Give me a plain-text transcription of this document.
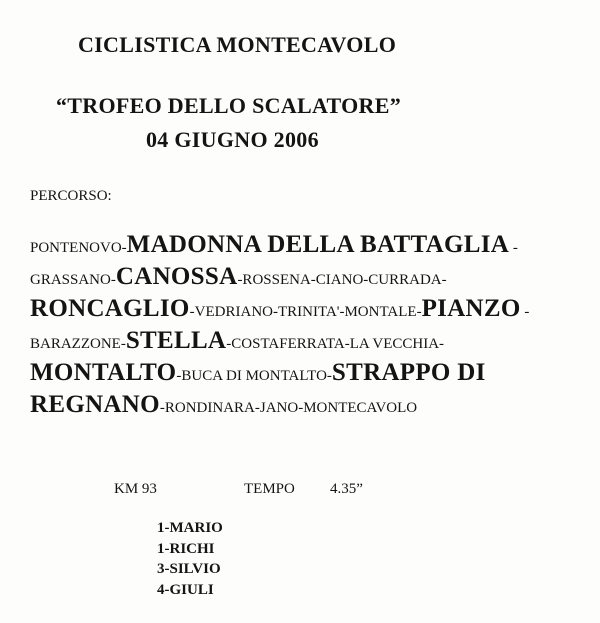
CICLISTICA MONTECAVOLO
“TROFEO DELLO SCALATORE”
04 GIUGNO 2006
PERCORSO:
PONTENOVO-MADONNA DELLA BATTAGLIA -
GRASSANO-CANOSSA-ROSSENA-CIANO-CURRADA-
RONCAGLIO-VEDRIANO-TRINITA'-MONTALE-PIANZO -
BARAZZONE-STELLA-COSTAFERRATA-LA VECCHIA-
MONTALTO-BUCA DI MONTALTO-STRAPPO DI
REGNANO-RONDINARA-JANO-MONTECAVOLO
KM 93	TEMPO 4.35”
1-MARIO
1-RICHI
3-SILVIO
4-GIULI
